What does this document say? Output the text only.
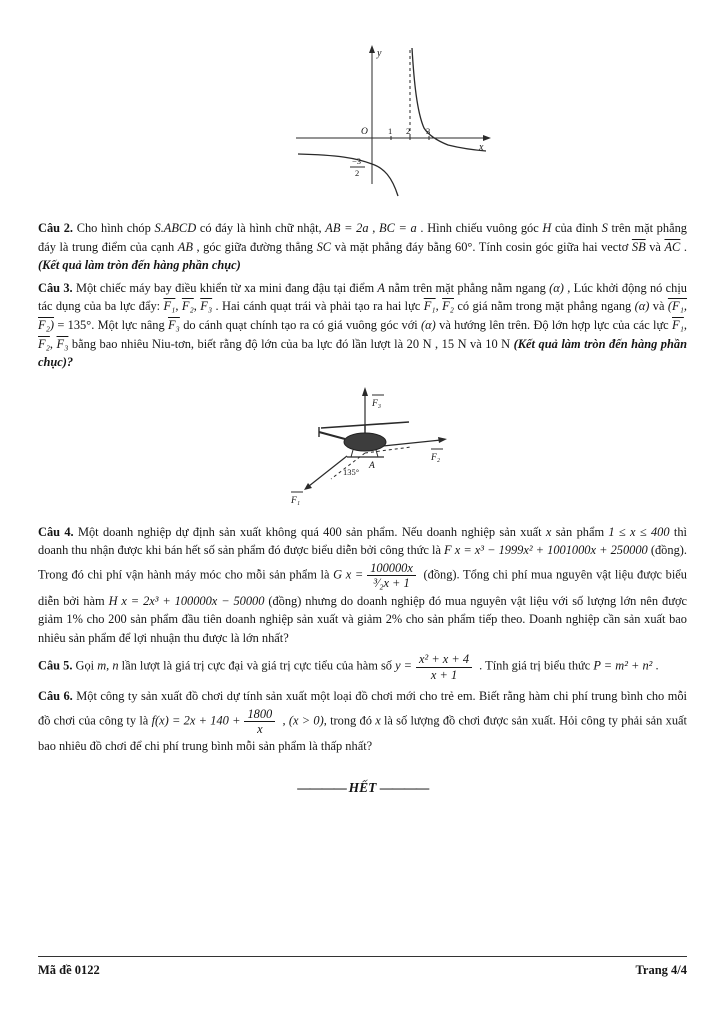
y
x
O 1 2 3
−3
2

Câu 2. Cho hình chóp S.ABCD có đáy là hình chữ nhật, AB = 2a , BC = a . Hình chiếu vuông góc H của đỉnh S trên mặt phẳng đáy là trung điểm của cạnh AB , góc giữa đường thẳng SC và mặt phẳng đáy bằng 60°. Tính cosin góc giữa hai vectơ $\overline{SB}$ và $\overline{AC}$ . (Kết quả làm tròn đến hàng phần chục)

Câu 3. Một chiếc máy bay điều khiển từ xa mini đang đậu tại điểm A nằm trên mặt phẳng nằm ngang (α) , Lúc khởi động nó chịu tác dụng của ba lực đẩy: F₁, F₂, F₃ . Hai cánh quạt trái và phải tạo ra hai lực F₁, F₂ có giá nằm trong mặt phẳng ngang (α) và (F₁, F₂) = 135°. Một lực nâng F₃ do cánh quạt chính tạo ra có giá vuông góc với (α) và hướng lên trên. Độ lớn hợp lực của các lực F₁, F₂, F₃ bằng bao nhiêu Niu-tơn, biết rằng độ lớn của ba lực đó lần lượt là 20 N , 15 N và 10 N (Kết quả làm tròn đến hàng phần chục)?

F₃
F₂
F₁
135°
A

Câu 4. Một doanh nghiệp dự định sản xuất không quá 400 sản phẩm. Nếu doanh nghiệp sản xuất x sản phẩm 1 ≤ x ≤ 400 thì doanh thu nhận được khi bán hết số sản phẩm đó được biểu diễn bởi công thức là F x = x³ − 1999x² + 1001000x + 250000 (đồng). Trong đó chi phí vận hành máy móc cho mỗi sản phẩm là G $x = \frac{100000x}{\text{³⁄₂x + 1}}$ (đồng). Tổng chi phí mua nguyên vật liệu được biểu diễn bởi hàm H x = 2x³ + 100000x − 50000 (đồng) nhưng do doanh nghiệp đó mua nguyên vật liệu với số lượng lớn nên được giảm 1% cho 200 sản phẩm đầu tiên doanh nghiệp sản xuất và giảm 2% cho sản phẩm tiếp theo. Doanh nghiệp cần sản xuất bao nhiêu sản phẩm để lợi nhuận thu được là lớn nhất?

Câu 5. Gọi m, n lần lượt là giá trị cực đại và giá trị cực tiểu của hàm số $y = \frac{\text{x² + x + 4}}{x + 1}$ . Tính giá trị biểu thức P = m² + n² .

Câu 6. Một công ty sản xuất đồ chơi dự tính sản xuất một loại đồ chơi mới cho trẻ em. Biết rằng hàm chi phí trung bình cho mỗi đồ chơi của công ty là $f(x) = 2x + 140 + \frac{1800}{x}$ , (x > 0), trong đó x là số lượng đồ chơi được sản xuất. Hỏi công ty phải sản xuất bao nhiêu đồ chơi để chi phí trung bình mỗi sản phẩm là thấp nhất?

———— HẾT ————
Mã đề 0122	Trang 4/4
